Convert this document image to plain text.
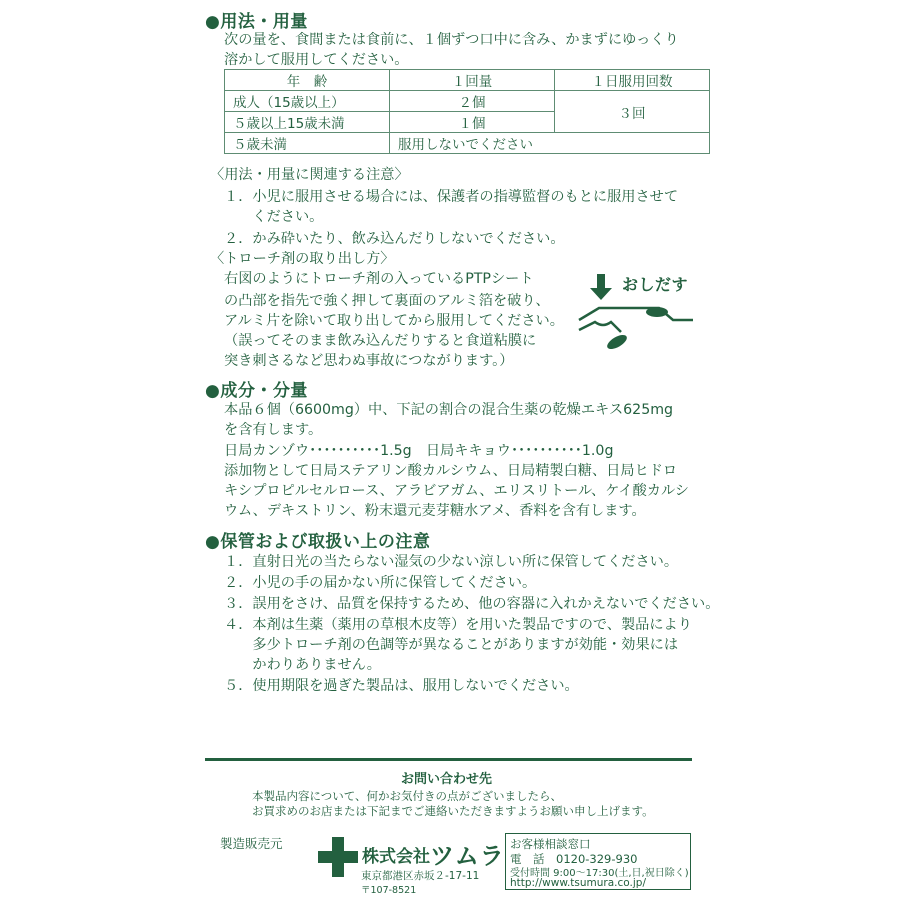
●用法・用量
次の量を、食間または食前に、１個ずつ口中に含み、かまずにゆっくり
溶かして服用してください。
年　齢	１回量	１日服用回数
成人（15歳以上）	２個	３回
５歳以上15歳未満	１個	
５歳未満	服用しないでください	
〈用法・用量に関連する注意〉
１．小児に服用させる場合には、保護者の指導監督のもとに服用させて
　　ください。
２．かみ砕いたり、飲み込んだりしないでください。
〈トローチ剤の取り出し方〉
右図のようにトローチ剤の入っているPTPシート
の凸部を指先で強く押して裏面のアルミ箔を破り、
アルミ片を除いて取り出してから服用してください。
（誤ってそのまま飲み込んだりすると食道粘膜に
突き刺さるなど思わぬ事故につながります。）
おしだす
●成分・分量
本品６個（6600mg）中、下記の割合の混合生薬の乾燥エキス625mg
を含有します。
日局カンゾウ･･････････1.5g　日局キキョウ･･････････1.0g
添加物として日局ステアリン酸カルシウム、日局精製白糖、日局ヒドロ
キシプロピルセルロース、アラビアガム、エリスリトール、ケイ酸カルシ
ウム、デキストリン、粉末還元麦芽糖水アメ、香料を含有します。
●保管および取扱い上の注意
１．直射日光の当たらない湿気の少ない涼しい所に保管してください。
２．小児の手の届かない所に保管してください。
３．誤用をさけ、品質を保持するため、他の容器に入れかえないでください。
４．本剤は生薬（薬用の草根木皮等）を用いた製品ですので、製品により
　　多少トローチ剤の色調等が異なることがありますが効能・効果には
　　かわりありません。
５．使用期限を過ぎた製品は、服用しないでください。
お問い合わせ先
本製品内容について、何かお気付きの点がございましたら、
お買求めのお店または下記までご連絡いただきますようお願い申し上げます。
製造販売元
株式会社 ツムラ
東京都港区赤坂２-17-11
〒107-8521
お客様相談窓口
電　話　0120-329-930
受付時間 9:00〜17:30(土,日,祝日除く)
http://www.tsumura.co.jp/
